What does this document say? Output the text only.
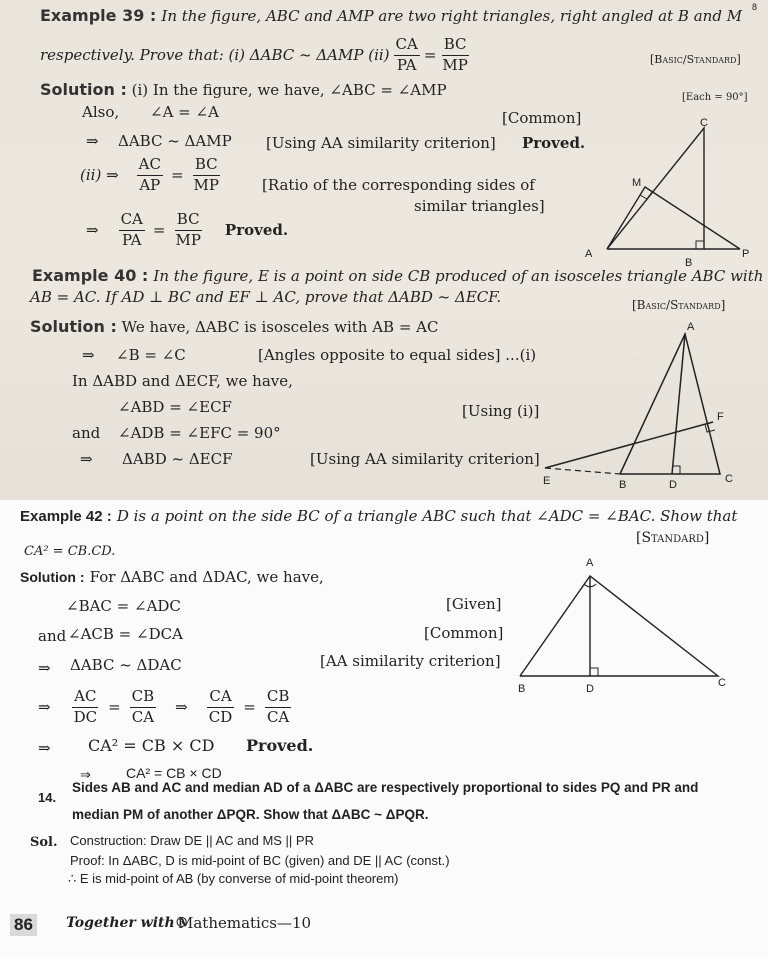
8
Example 39 : In the figure, ABC and AMP are two right triangles, right angled at B and M
respectively. Prove that: (i) ΔABC ~ ΔAMP $(ii) \frac{CA}{PA} = \frac{BC}{MP}$	[Basic/Standard]
Solution : (i) In the figure, we have, ∠ABC = ∠AMP	[Each = 90°]
Also, ∠A = ∠A	[Common]
⇒ ΔABC ~ ΔAMP [Using AA similarity criterion] Proved.
(ii) ⇒ $\frac{AC}{AP} = \frac{BC}{MP}$	[Ratio of the corresponding sides of
similar triangles]
⇒ $\frac{CA}{PA} = \frac{BC}{MP}$ Proved.
C
M
A
B
P
Example 40 : In the figure, E is a point on side CB produced of an isosceles triangle ABC with
AB = AC. If AD ⊥ BC and EF ⊥ AC, prove that ΔABD ~ ΔECF.	[Basic/Standard]
Solution : We have, ΔABC is isosceles with AB = AC
⇒ ∠B = ∠C	[Angles opposite to equal sides] ...(i)
In ΔABD and ΔECF, we have,
∠ABD = ∠ECF	[Using (i)]
and ∠ADB = ∠EFC = 90°
⇒ ΔABD ~ ΔECF	[Using AA similarity criterion]
A
F
E	B	D	C
Example 42 : D is a point on the side BC of a triangle ABC such that ∠ADC = ∠BAC. Show that
CA² = CB.CD.
[Standard]
Solution : For ΔABC and ΔDAC, we have,
∠BAC = ∠ADC	[Given]
and ∠ACB = ∠DCA	[Common]
⇒ ΔABC ~ ΔDAC	[AA similarity criterion]
⇒ $\frac{AC}{DC} = \frac{CB}{CA}$ ⇒ $\frac{CA}{CD} = \frac{CB}{CA}$
⇒ CA² = CB × CD Proved.
⇒	CA² = CB × CD
A
B	D	C
14.
Sides AB and AC and median AD of a ΔABC are respectively proportional to sides PQ and PR and
median PM of another ΔPQR. Show that ΔABC ~ ΔPQR.
Sol. Construction: Draw DE || AC and MS || PR
Proof: In ΔABC, D is mid-point of BC (given) and DE || AC (const.)
∴ E is mid-point of AB (by converse of mid-point theorem)
86 Together with®
Mathematics—10
